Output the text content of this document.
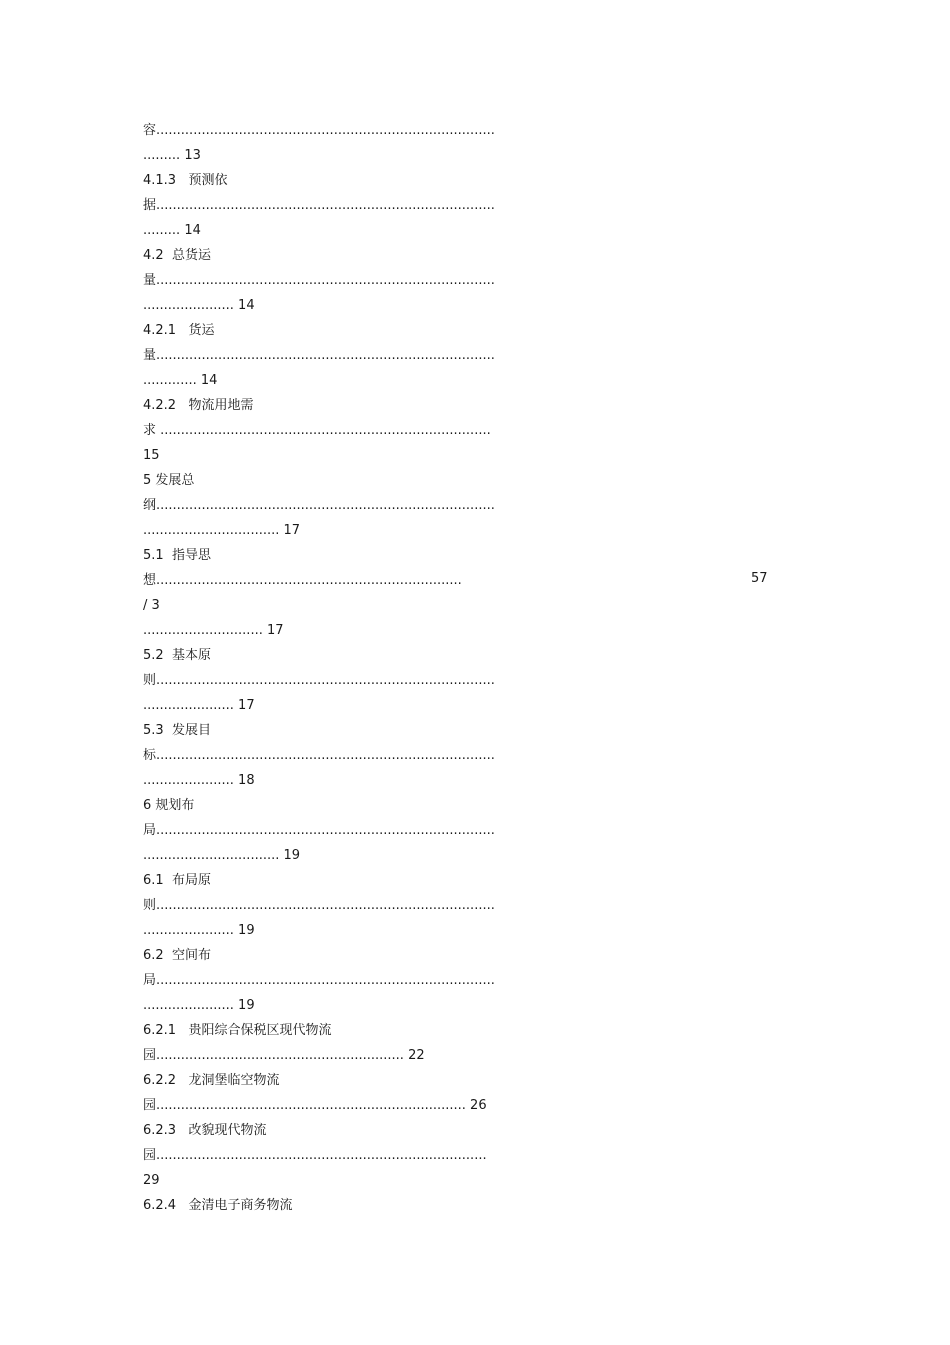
容..................................................................................
......... 13
4.1.3   预测依
据..................................................................................
......... 14
4.2  总货运
量..................................................................................
...................... 14
4.2.1   货运
量..................................................................................
............. 14
4.2.2   物流用地需
求 ................................................................................
15
5 发展总
纲..................................................................................
................................. 17
5.1  指导思
想..........................................................................
/ 3
............................. 17
5.2  基本原
则..................................................................................
...................... 17
5.3  发展目
标..................................................................................
...................... 18
6 规划布
局..................................................................................
................................. 19
6.1  布局原
则..................................................................................
...................... 19
6.2  空间布
局..................................................................................
...................... 19
6.2.1   贵阳综合保税区现代物流
园............................................................ 22
6.2.2   龙洞堡临空物流
园........................................................................... 26
6.2.3   改貌现代物流
园................................................................................
29
6.2.4   金清电子商务物流
57
